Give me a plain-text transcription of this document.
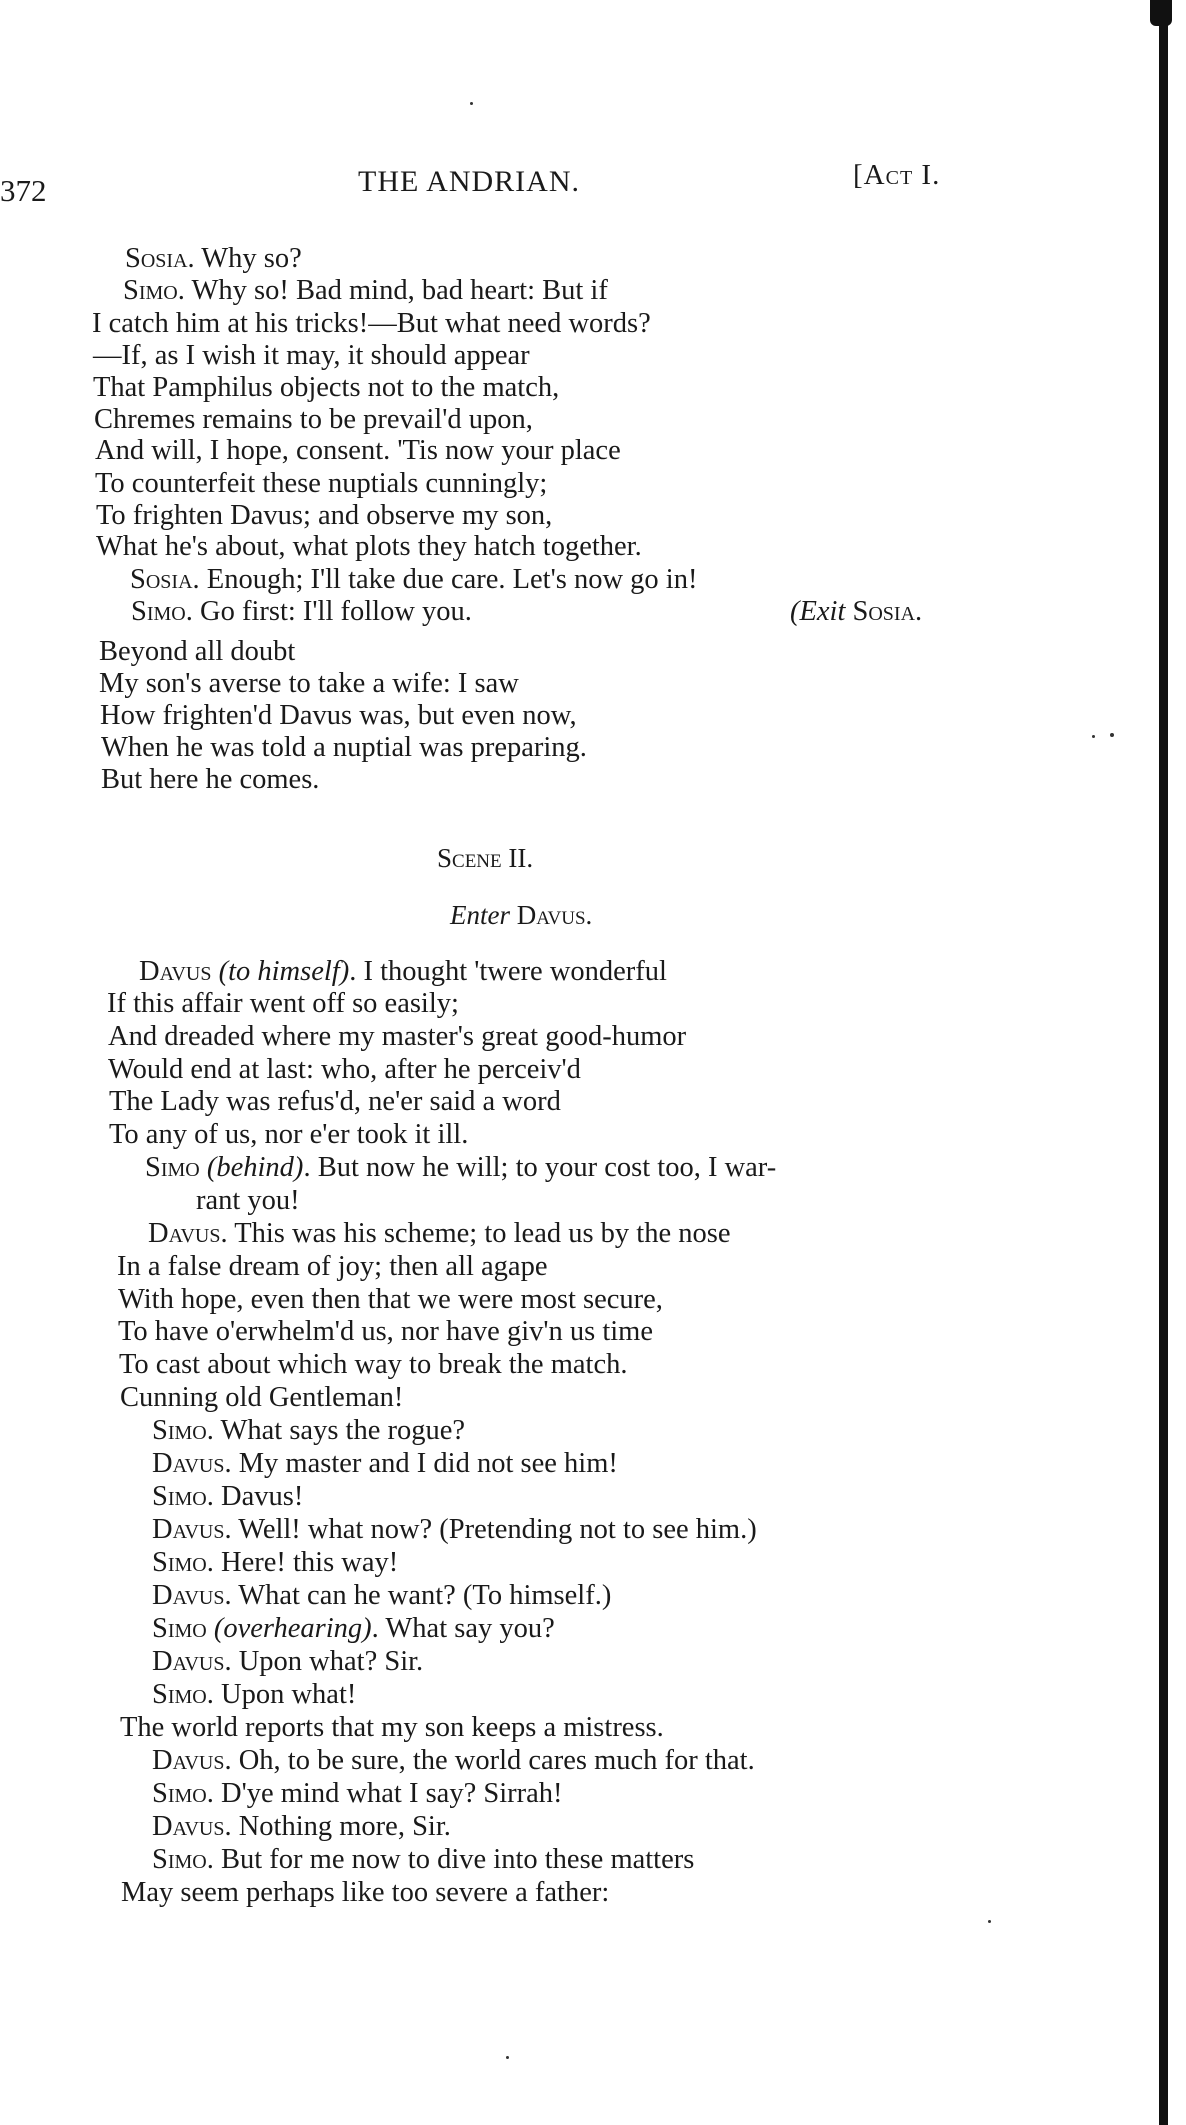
372	THE ANDRIAN.	[Act I.
Sosia. Why so?
Simo. Why so! Bad mind, bad heart: But if
I catch him at his tricks!—But what need words?
—If, as I wish it may, it should appear
That Pamphilus objects not to the match,
Chremes remains to be prevail'd upon,
And will, I hope, consent. 'Tis now your place
To counterfeit these nuptials cunningly;
To frighten Davus; and observe my son,
What he's about, what plots they hatch together.
Sosia. Enough; I'll take due care. Let's now go in!
Simo. Go first: I'll follow you.	(Exit Sosia.
Beyond all doubt
My son's averse to take a wife: I saw
How frighten'd Davus was, but even now,
When he was told a nuptial was preparing.
But here he comes.
Scene II.
Enter Davus.
Davus (to himself). I thought 'twere wonderful
If this affair went off so easily;
And dreaded where my master's great good-humor
Would end at last: who, after he perceiv'd
The Lady was refus'd, ne'er said a word
To any of us, nor e'er took it ill.
Simo (behind). But now he will; to your cost too, I war-
rant you!
Davus. This was his scheme; to lead us by the nose
In a false dream of joy; then all agape
With hope, even then that we were most secure,
To have o'erwhelm'd us, nor have giv'n us time
To cast about which way to break the match.
Cunning old Gentleman!
Simo. What says the rogue?
Davus. My master and I did not see him!
Simo. Davus!
Davus. Well! what now? (Pretending not to see him.)
Simo. Here! this way!
Davus. What can he want? (To himself.)
Simo (overhearing). What say you?
Davus. Upon what? Sir.
Simo. Upon what!
The world reports that my son keeps a mistress.
Davus. Oh, to be sure, the world cares much for that.
Simo. D'ye mind what I say? Sirrah!
Davus. Nothing more, Sir.
Simo. But for me now to dive into these matters
May seem perhaps like too severe a father:
